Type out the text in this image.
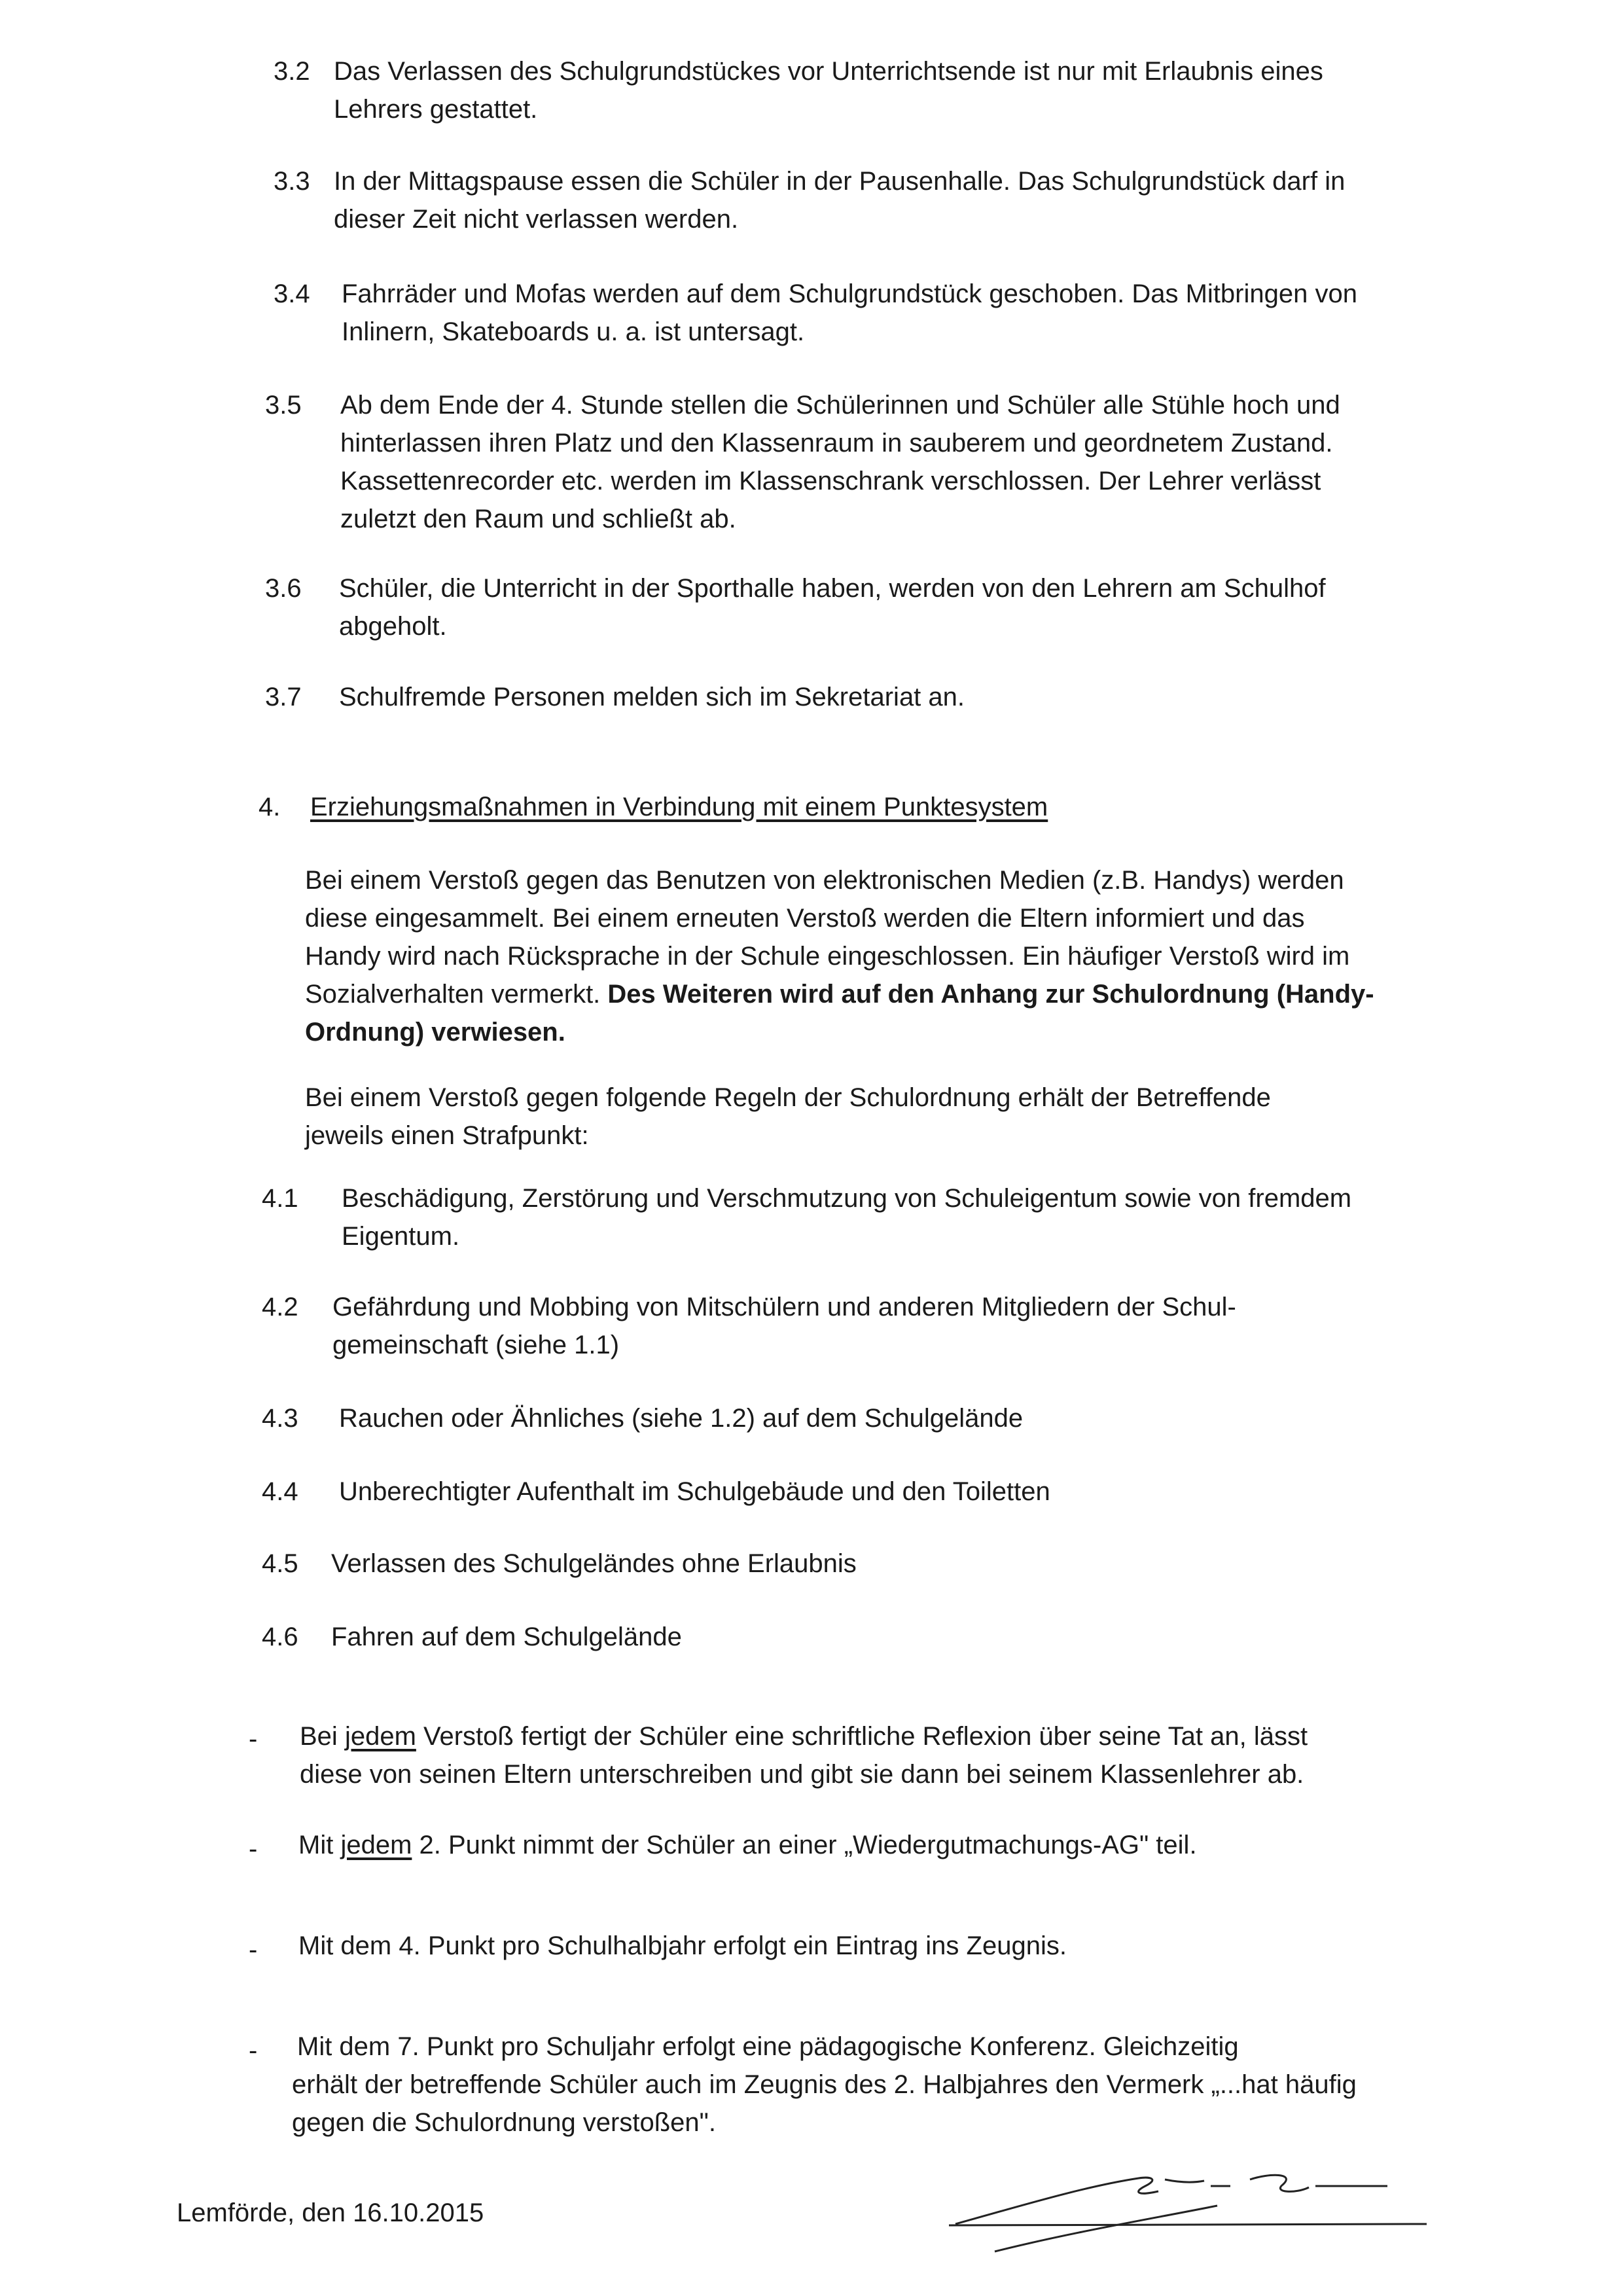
3.2 Das Verlassen des Schulgrundstückes vor Unterrichtsende ist nur mit Erlaubnis eines
Lehrers gestattet.
3.3 In der Mittagspause essen die Schüler in der Pausenhalle. Das Schulgrundstück darf in
dieser Zeit nicht verlassen werden.
3.4 Fahrräder und Mofas werden auf dem Schulgrundstück geschoben. Das Mitbringen von
Inlinern, Skateboards u. a. ist untersagt.
3.5 Ab dem Ende der 4. Stunde stellen die Schülerinnen und Schüler alle Stühle hoch und
hinterlassen ihren Platz und den Klassenraum in sauberem und geordnetem Zustand.
Kassettenrecorder etc. werden im Klassenschrank verschlossen. Der Lehrer verlässt
zuletzt den Raum und schließt ab.
3.6 Schüler, die Unterricht in der Sporthalle haben, werden von den Lehrern am Schulhof
abgeholt.
3.7 Schulfremde Personen melden sich im Sekretariat an.
4. Erziehungsmaßnahmen in Verbindung mit einem Punktesystem
Bei einem Verstoß gegen das Benutzen von elektronischen Medien (z.B. Handys) werden
diese eingesammelt. Bei einem erneuten Verstoß werden die Eltern informiert und das
Handy wird nach Rücksprache in der Schule eingeschlossen. Ein häufiger Verstoß wird im
Sozialverhalten vermerkt. Des Weiteren wird auf den Anhang zur Schulordnung (Handy-
Ordnung) verwiesen.
Bei einem Verstoß gegen folgende Regeln der Schulordnung erhält der Betreffende
jeweils einen Strafpunkt:
4.1 Beschädigung, Zerstörung und Verschmutzung von Schuleigentum sowie von fremdem
Eigentum.
4.2 Gefährdung und Mobbing von Mitschülern und anderen Mitgliedern der Schul-
gemeinschaft (siehe 1.1)
4.3 Rauchen oder Ähnliches (siehe 1.2) auf dem Schulgelände
4.4 Unberechtigter Aufenthalt im Schulgebäude und den Toiletten
4.5 Verlassen des Schulgeländes ohne Erlaubnis
4.6 Fahren auf dem Schulgelände
- Bei jedem Verstoß fertigt der Schüler eine schriftliche Reflexion über seine Tat an, lässt
diese von seinen Eltern unterschreiben und gibt sie dann bei seinem Klassenlehrer ab.
- Mit jedem 2. Punkt nimmt der Schüler an einer „Wiedergutmachungs-AG" teil.
- Mit dem 4. Punkt pro Schulhalbjahr erfolgt ein Eintrag ins Zeugnis.
- Mit dem 7. Punkt pro Schuljahr erfolgt eine pädagogische Konferenz. Gleichzeitig
erhält der betreffende Schüler auch im Zeugnis des 2. Halbjahres den Vermerk „...hat häufig
gegen die Schulordnung verstoßen".
Lemförde, den 16.10.2015
